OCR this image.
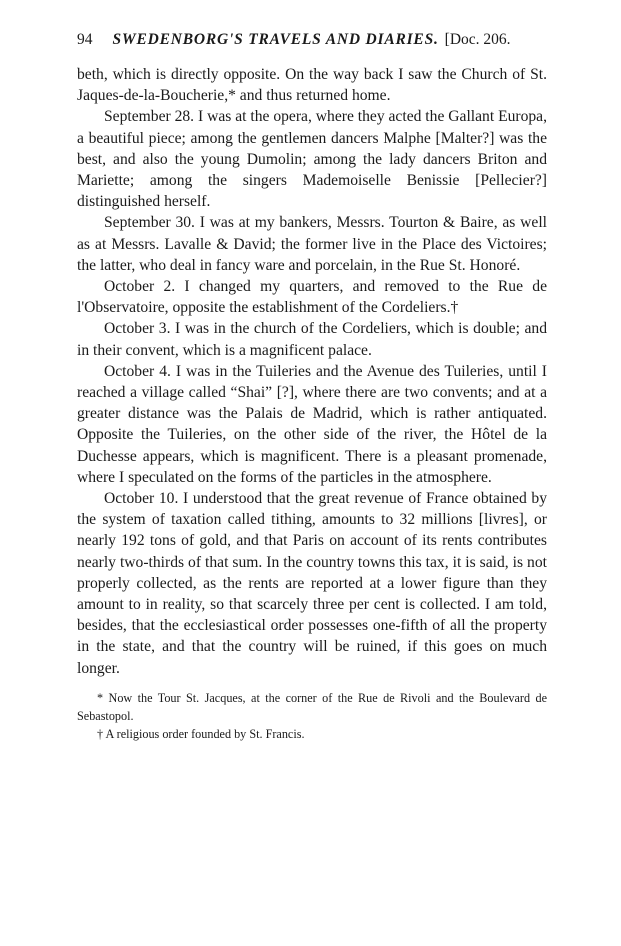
94 SWEDENBORG'S TRAVELS AND DIARIES. [Doc. 206.

beth, which is directly opposite. On the way back I saw the Church of St. Jaques-de-la-Boucherie,* and thus returned home.

September 28. I was at the opera, where they acted the Gallant Europa, a beautiful piece; among the gentlemen dancers Malphe [Malter?] was the best, and also the young Dumolin; among the lady dancers Briton and Mariette; among the singers Mademoiselle Benissie [Pellecier?] distinguished herself.

September 30. I was at my bankers, Messrs. Tourton & Baire, as well as at Messrs. Lavalle & David; the former live in the Place des Victoires; the latter, who deal in fancy ware and porcelain, in the Rue St. Honoré.

October 2. I changed my quarters, and removed to the Rue de l'Observatoire, opposite the establishment of the Cordeliers.†

October 3. I was in the church of the Cordeliers, which is double; and in their convent, which is a magnificent palace.

October 4. I was in the Tuileries and the Avenue des Tuileries, until I reached a village called “Shai” [?], where there are two convents; and at a greater distance was the Palais de Madrid, which is rather antiquated. Opposite the Tuileries, on the other side of the river, the Hôtel de la Duchesse appears, which is magnificent. There is a pleasant promenade, where I speculated on the forms of the particles in the atmosphere.

October 10. I understood that the great revenue of France obtained by the system of taxation called tithing, amounts to 32 millions [livres], or nearly 192 tons of gold, and that Paris on account of its rents contributes nearly two-thirds of that sum. In the country towns this tax, it is said, is not properly collected, as the rents are reported at a lower figure than they amount to in reality, so that scarcely three per cent is collected. I am told, besides, that the ecclesiastical order possesses one-fifth of all the property in the state, and that the country will be ruined, if this goes on much longer.

* Now the Tour St. Jacques, at the corner of the Rue de Rivoli and the Boulevard de Sebastopol.

† A religious order founded by St. Francis.
